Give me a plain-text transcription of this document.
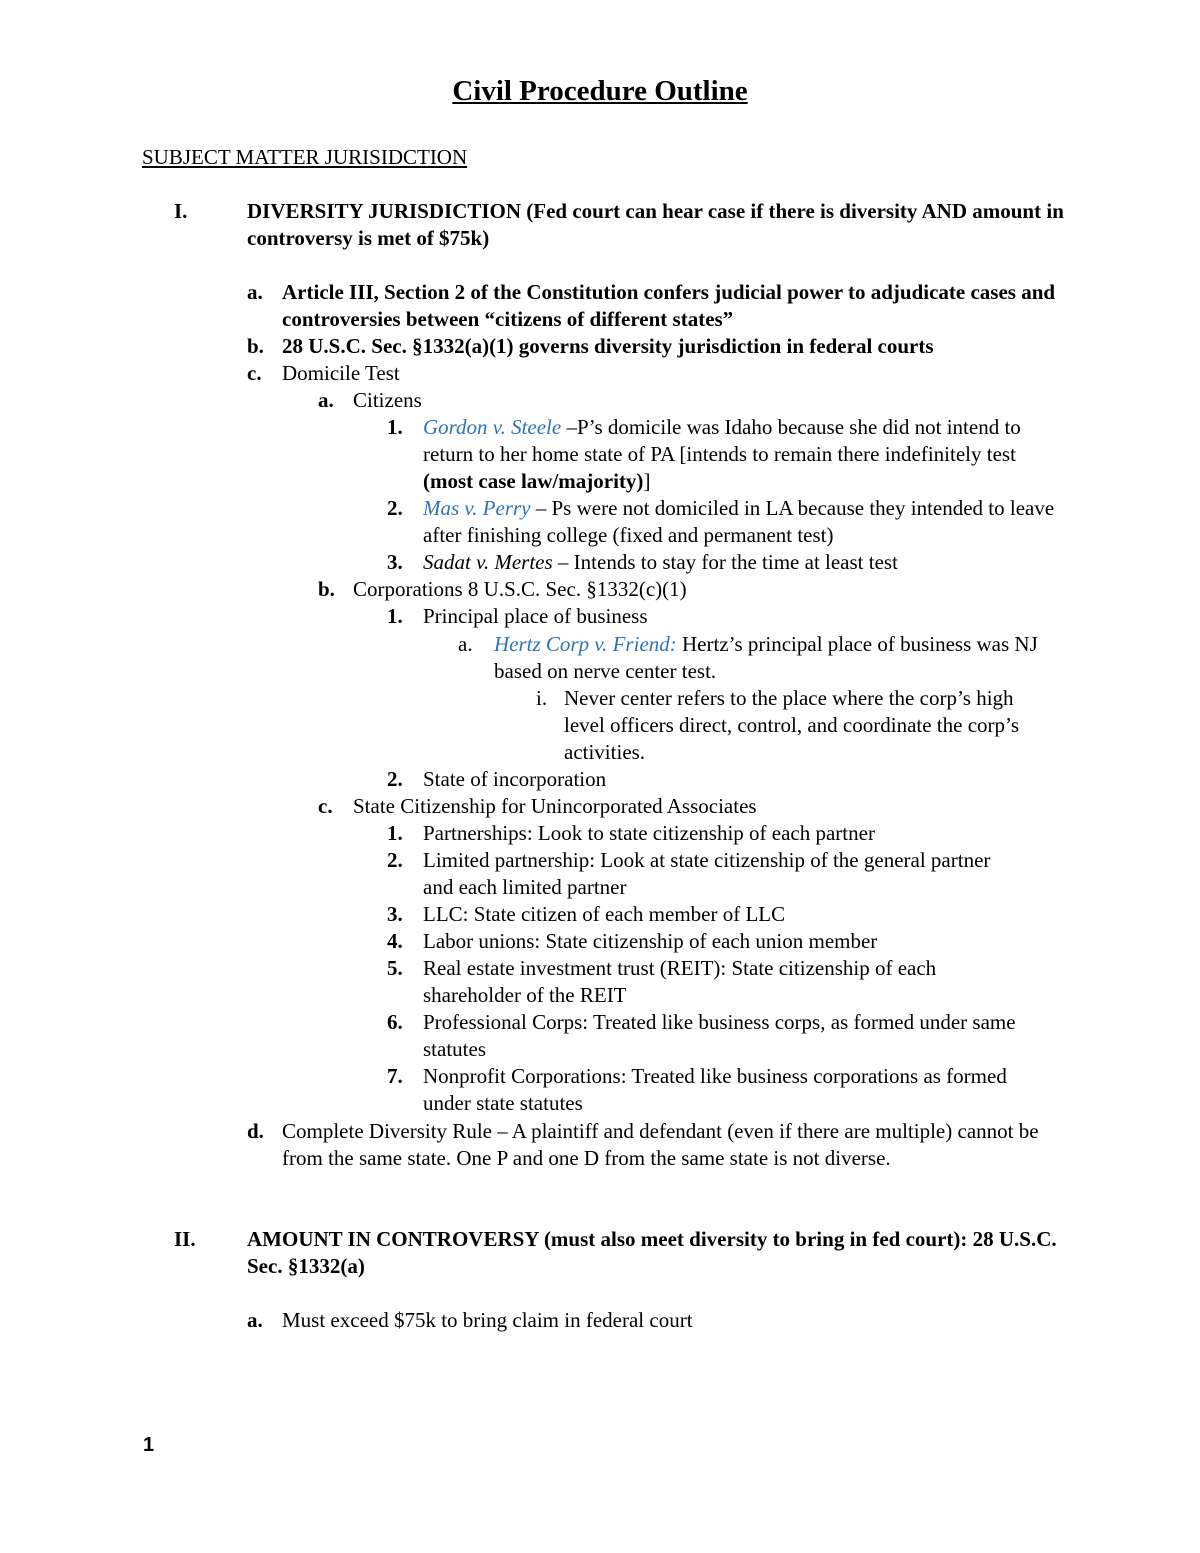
Civil Procedure Outline
SUBJECT MATTER JURISIDCTION
I.	DIVERSITY JURISDICTION (Fed court can hear case if there is diversity AND amount in controversy is met of $75k)
a. Article III, Section 2 of the Constitution confers judicial power to adjudicate cases and controversies between “citizens of different states”
b. 28 U.S.C. Sec. §1332(a)(1) governs diversity jurisdiction in federal courts
c. Domicile Test
a. Citizens
1. Gordon v. Steele –P’s domicile was Idaho because she did not intend to return to her home state of PA [intends to remain there indefinitely test (most case law/majority)]
2. Mas v. Perry – Ps were not domiciled in LA because they intended to leave after finishing college (fixed and permanent test)
3. Sadat v. Mertes – Intends to stay for the time at least test
b. Corporations 8 U.S.C. Sec. §1332(c)(1)
1. Principal place of business
a. Hertz Corp v. Friend: Hertz’s principal place of business was NJ based on nerve center test.
i. Never center refers to the place where the corp’s high level officers direct, control, and coordinate the corp’s activities.
2. State of incorporation
c. State Citizenship for Unincorporated Associates
1. Partnerships: Look to state citizenship of each partner
2. Limited partnership: Look at state citizenship of the general partner and each limited partner
3. LLC: State citizen of each member of LLC
4. Labor unions: State citizenship of each union member
5. Real estate investment trust (REIT): State citizenship of each shareholder of the REIT
6. Professional Corps: Treated like business corps, as formed under same statutes
7. Nonprofit Corporations: Treated like business corporations as formed under state statutes
d. Complete Diversity Rule – A plaintiff and defendant (even if there are multiple) cannot be from the same state. One P and one D from the same state is not diverse.
II. AMOUNT IN CONTROVERSY (must also meet diversity to bring in fed court): 28 U.S.C. Sec. §1332(a)
a. Must exceed $75k to bring claim in federal court
1
